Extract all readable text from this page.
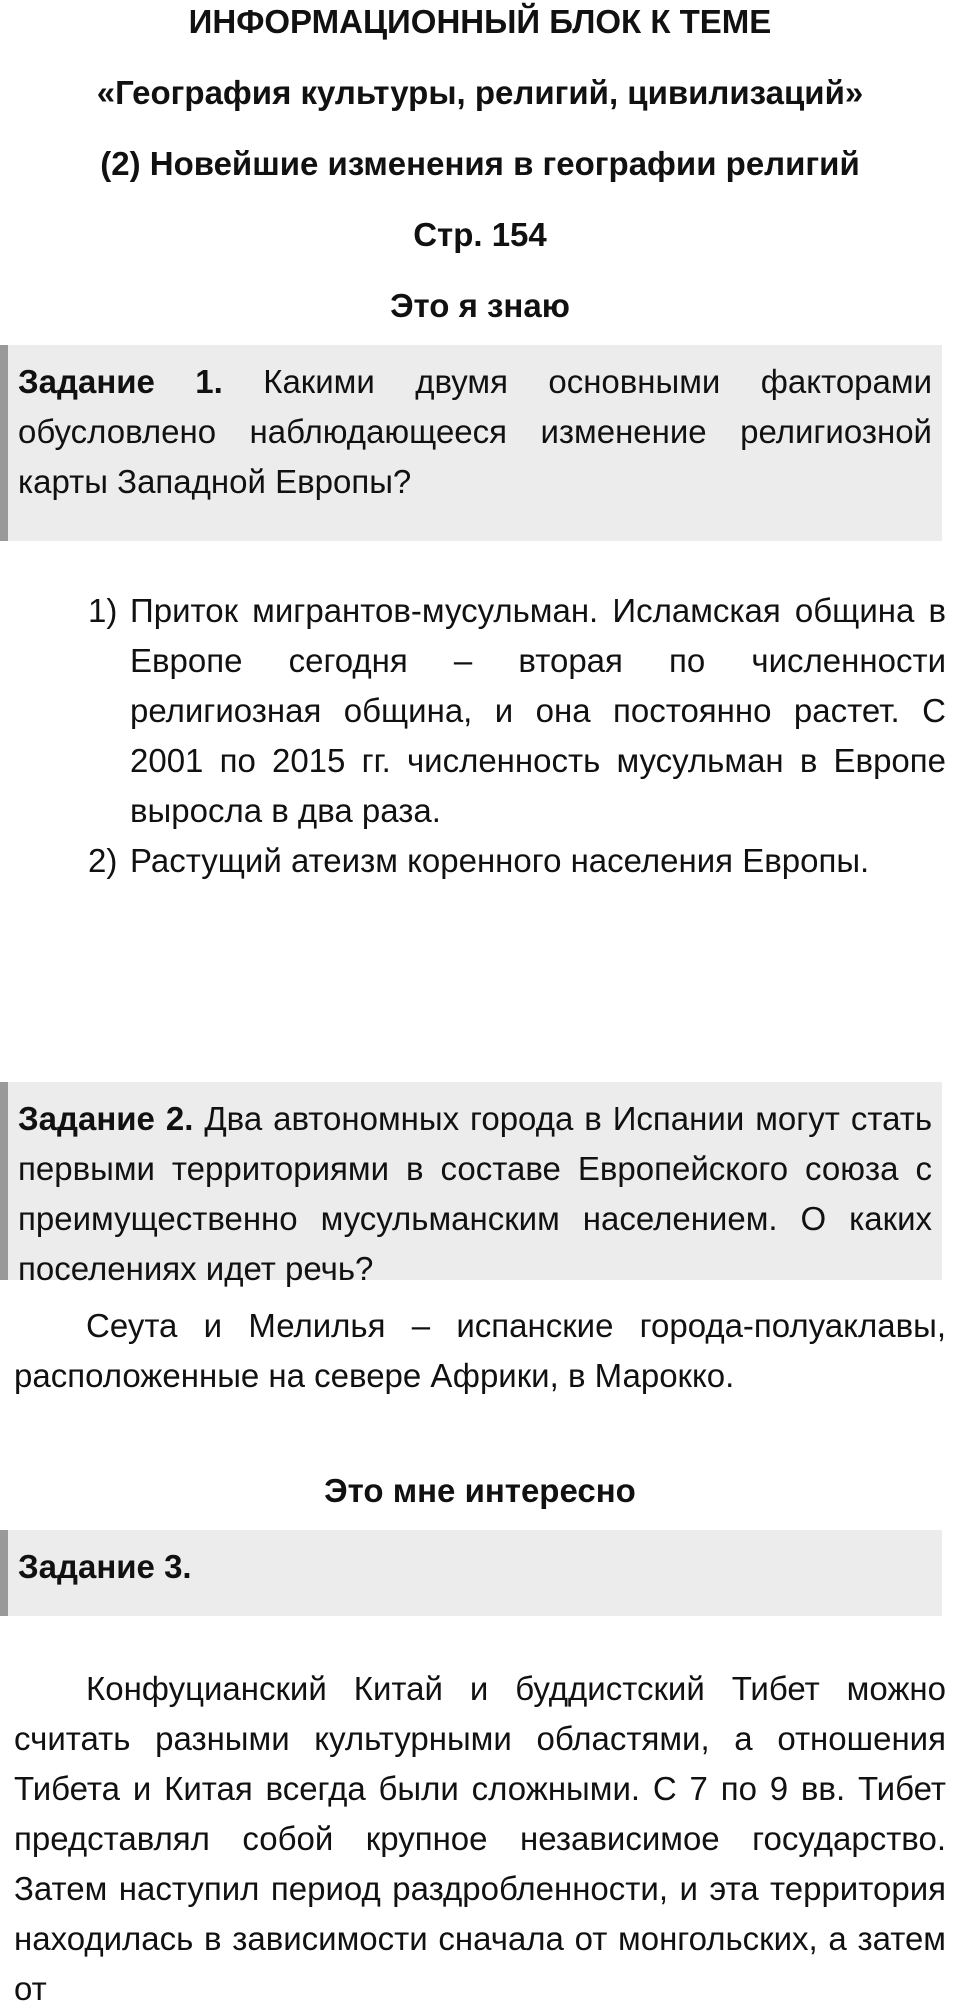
ИНФОРМАЦИОННЫЙ БЛОК К ТЕМЕ
«География культуры, религий, цивилизаций»
(2) Новейшие изменения в географии религий
Стр. 154
Это я знаю
Задание 1. Какими двумя основными факторами обусловлено наблюдающееся изменение религиозной карты Западной Европы?
1) Приток мигрантов-мусульман. Исламская община в Европе сегодня – вторая по численности религиозная община, и она постоянно растет. С 2001 по 2015 гг. численность мусульман в Европе выросла в два раза.
2) Растущий атеизм коренного населения Европы.
Задание 2. Два автономных города в Испании могут стать первыми территориями в составе Европейского союза с преимущественно мусульманским населением. О каких поселениях идет речь?

Сеута и Мелилья – испанские города-полуаклавы, расположенные на севере Африки, в Марокко.

Это мне интересно
Задание 3.

Конфуцианский Китай и буддистский Тибет можно считать разными культурными областями, а отношения Тибета и Китая всегда были сложными. С 7 по 9 вв. Тибет представлял собой крупное независимое государство. Затем наступил период раздробленности, и эта территория находилась в зависимости сначала от монгольских, а затем от
